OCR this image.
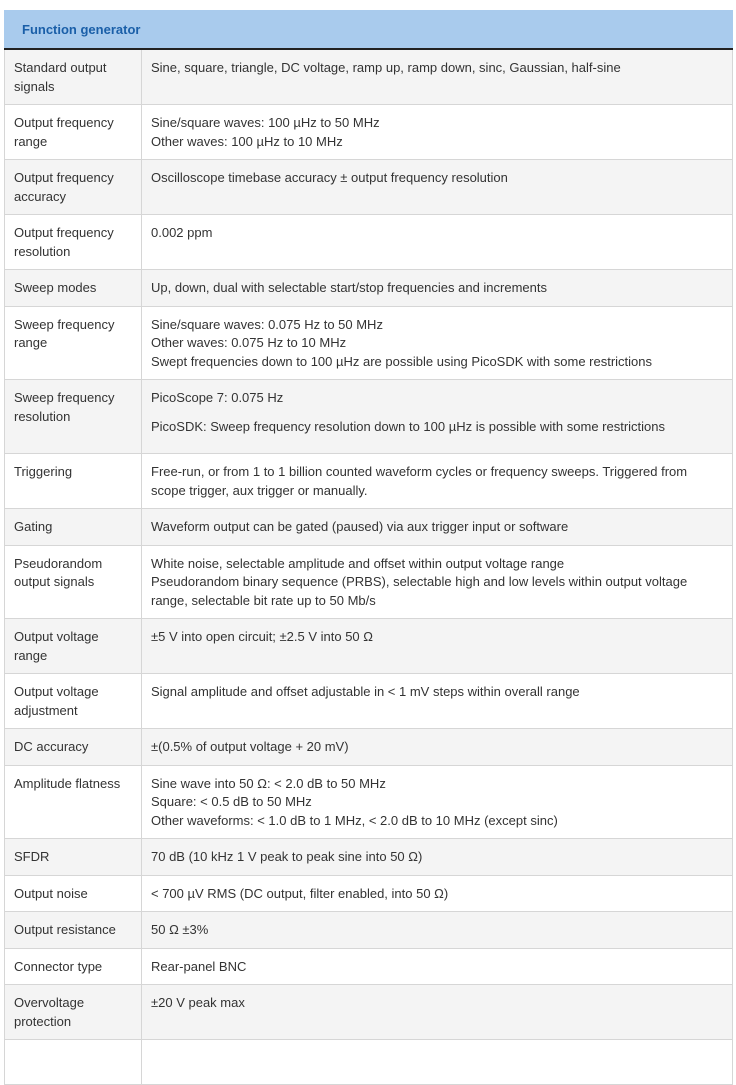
Function generator	
Standard output signals	Sine, square, triangle, DC voltage, ramp up, ramp down, sinc, Gaussian, half-sine

Output frequency range	Sine/square waves: 100 µHz to 50 MHz
Other waves: 100 µHz to 10 MHz

Output frequency accuracy	Oscilloscope timebase accuracy ± output frequency resolution

Output frequency resolution	0.002 ppm

Sweep modes	Up, down, dual with selectable start/stop frequencies and increments

Sweep frequency range	Sine/square waves: 0.075 Hz to 50 MHz
Other waves: 0.075 Hz to 10 MHz
Swept frequencies down to 100 µHz are possible using PicoSDK with some restrictions

Sweep frequency resolution	PicoScope 7: 0.075 Hz
PicoSDK: Sweep frequency resolution down to 100 µHz is possible with some restrictions

Triggering	Free-run, or from 1 to 1 billion counted waveform cycles or frequency sweeps. Triggered from scope trigger, aux trigger or manually.

Gating	Waveform output can be gated (paused) via aux trigger input or software

Pseudorandom output signals	White noise, selectable amplitude and offset within output voltage range
Pseudorandom binary sequence (PRBS), selectable high and low levels within output voltage range, selectable bit rate up to 50 Mb/s

Output voltage range	±5 V into open circuit; ±2.5 V into 50 Ω

Output voltage adjustment	Signal amplitude and offset adjustable in < 1 mV steps within overall range

DC accuracy	±(0.5% of output voltage + 20 mV)

Amplitude flatness	Sine wave into 50 Ω: < 2.0 dB to 50 MHz
Square: < 0.5 dB to 50 MHz
Other waveforms: < 1.0 dB to 1 MHz, < 2.0 dB to 10 MHz (except sinc)

SFDR	70 dB (10 kHz 1 V peak to peak sine into 50 Ω)

Output noise	< 700 µV RMS (DC output, filter enabled, into 50 Ω)

Output resistance	50 Ω ±3%

Connector type	Rear-panel BNC

Overvoltage protection	±20 V peak max
